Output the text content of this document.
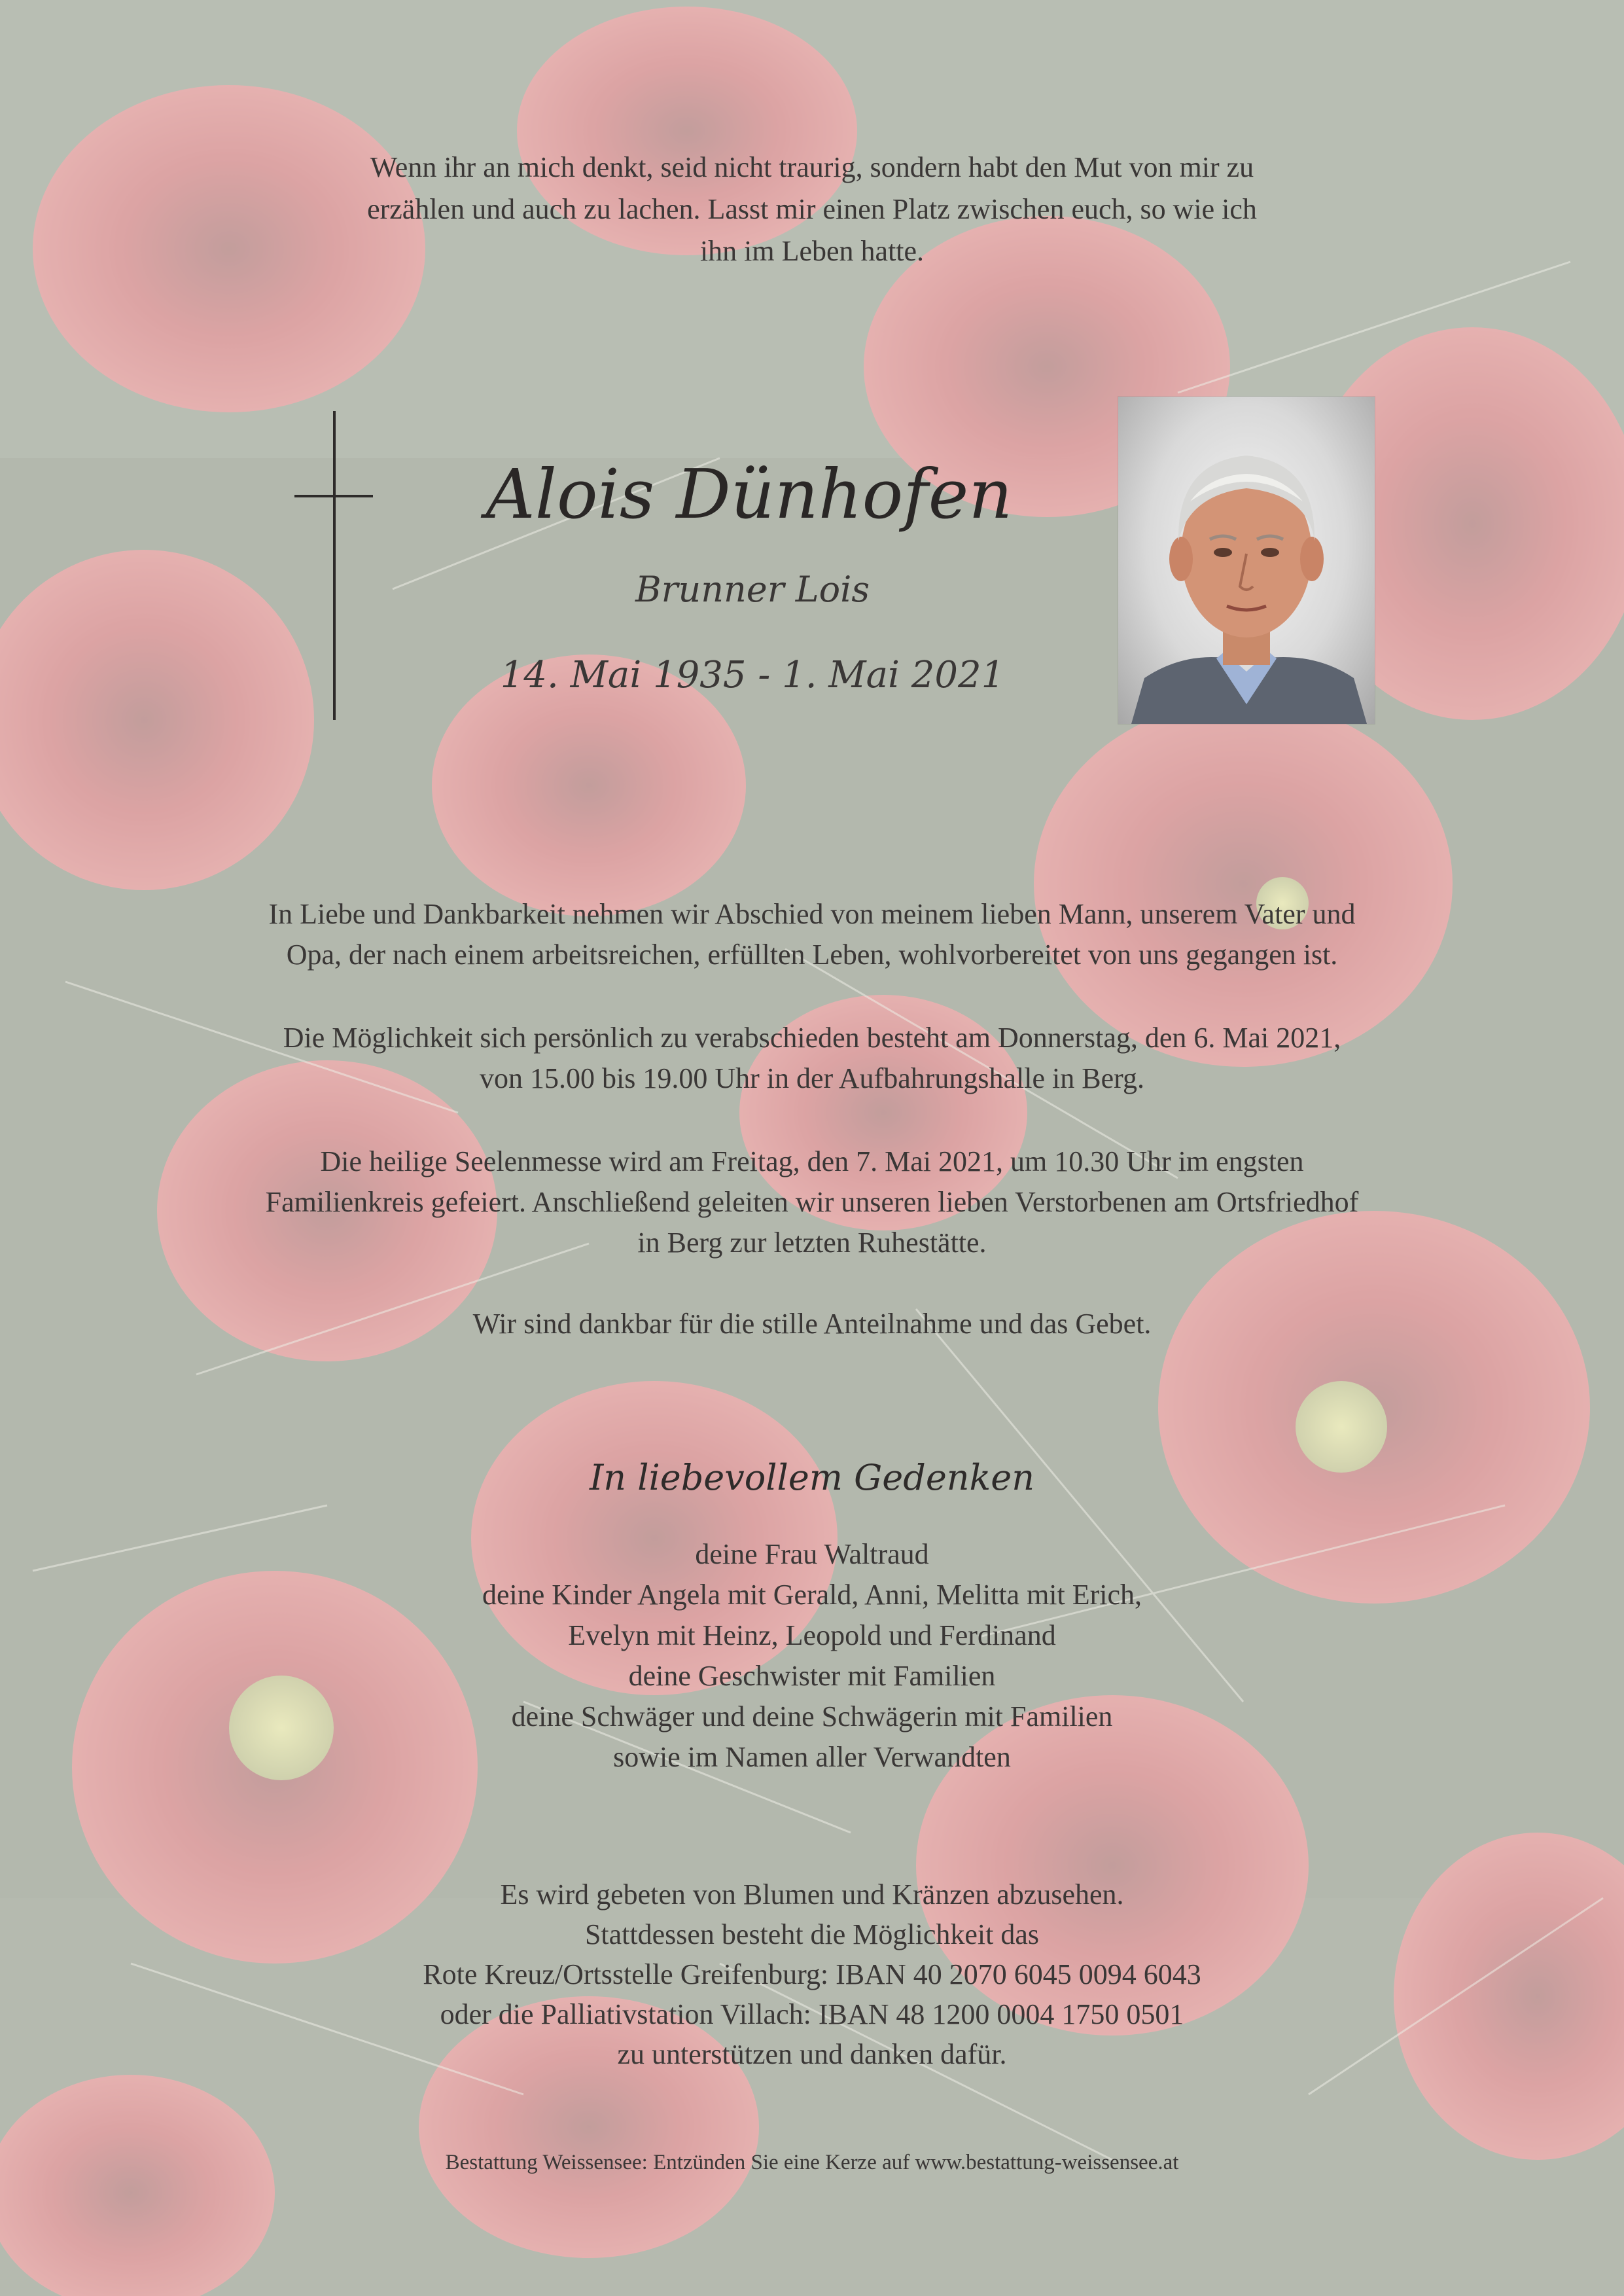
Wenn ihr an mich denkt, seid nicht traurig, sondern habt den Mut von mir zu
erzählen und auch zu lachen. Lasst mir einen Platz zwischen euch, so wie ich
ihn im Leben hatte.
Alois Dünhofen
Brunner Lois
14. Mai 1935 - 1. Mai 2021
In Liebe und Dankbarkeit nehmen wir Abschied von meinem lieben Mann, unserem Vater und
Opa, der nach einem arbeitsreichen, erfüllten Leben, wohlvorbereitet von uns gegangen ist.
Die Möglichkeit sich persönlich zu verabschieden besteht am Donnerstag, den 6. Mai 2021,
von 15.00 bis 19.00 Uhr in der Aufbahrungshalle in Berg.
Die heilige Seelenmesse wird am Freitag, den 7. Mai 2021, um 10.30 Uhr im engsten
Familienkreis gefeiert. Anschließend geleiten wir unseren lieben Verstorbenen am Ortsfriedhof
in Berg zur letzten Ruhestätte.
Wir sind dankbar für die stille Anteilnahme und das Gebet.
In liebevollem Gedenken
deine Frau Waltraud
deine Kinder Angela mit Gerald, Anni, Melitta mit Erich,
Evelyn mit Heinz, Leopold und Ferdinand
deine Geschwister mit Familien
deine Schwäger und deine Schwägerin mit Familien
sowie im Namen aller Verwandten
Es wird gebeten von Blumen und Kränzen abzusehen.
Stattdessen besteht die Möglichkeit das
Rote Kreuz/Ortsstelle Greifenburg: IBAN 40 2070 6045 0094 6043
oder die Palliativstation Villach: IBAN 48 1200 0004 1750 0501
zu unterstützen und danken dafür.
Bestattung Weissensee: Entzünden Sie eine Kerze auf www.bestattung-weissensee.at
